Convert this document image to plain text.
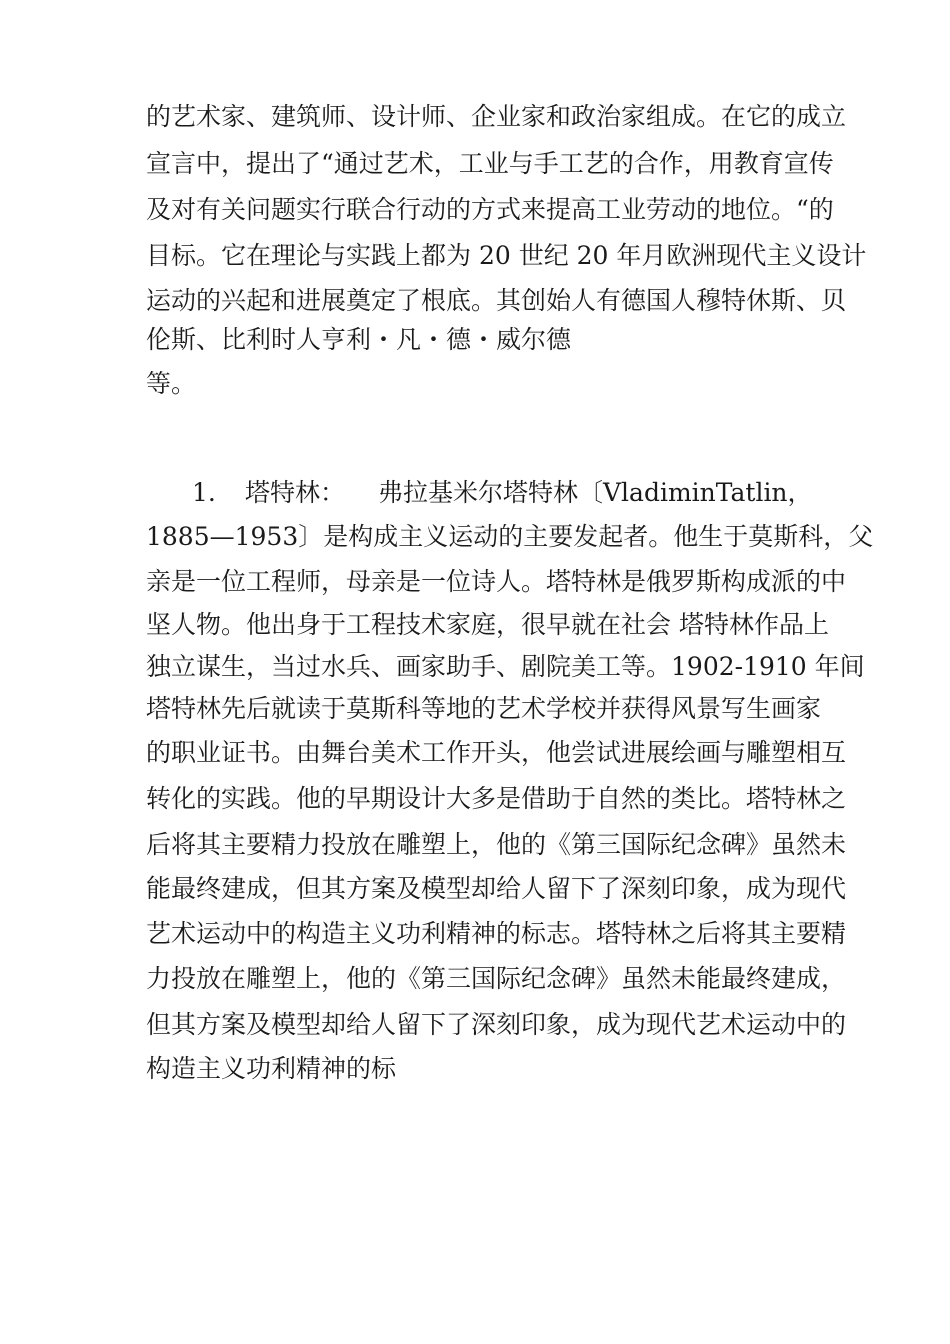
的艺术家、建筑师、设计师、企业家和政治家组成。在它的成立
宣言中，提出了“通过艺术，工业与手工艺的合作，用教育宣传
及对有关问题实行联合行动的方式来提高工业劳动的地位。“的
目标。它在理论与实践上都为 20 世纪 20 年月欧洲现代主义设计
运动的兴起和进展奠定了根底。其创始人有德国人穆特休斯、贝
伦斯、比利时人亨利・凡・德・威尔德
等。
1. 塔特林： 弗拉基米尔塔特林〔VladiminTatlin，
1885—1953〕是构成主义运动的主要发起者。他生于莫斯科，父
亲是一位工程师，母亲是一位诗人。塔特林是俄罗斯构成派的中
坚人物。他出身于工程技术家庭，很早就在社会 塔特林作品上
独立谋生，当过水兵、画家助手、剧院美工等。1902-1910 年间
塔特林先后就读于莫斯科等地的艺术学校并获得风景写生画家
的职业证书。由舞台美术工作开头，他尝试进展绘画与雕塑相互
转化的实践。他的早期设计大多是借助于自然的类比。塔特林之
后将其主要精力投放在雕塑上，他的《第三国际纪念碑》虽然未
能最终建成，但其方案及模型却给人留下了深刻印象，成为现代
艺术运动中的构造主义功利精神的标志。塔特林之后将其主要精
力投放在雕塑上，他的《第三国际纪念碑》虽然未能最终建成，
但其方案及模型却给人留下了深刻印象，成为现代艺术运动中的
构造主义功利精神的标
